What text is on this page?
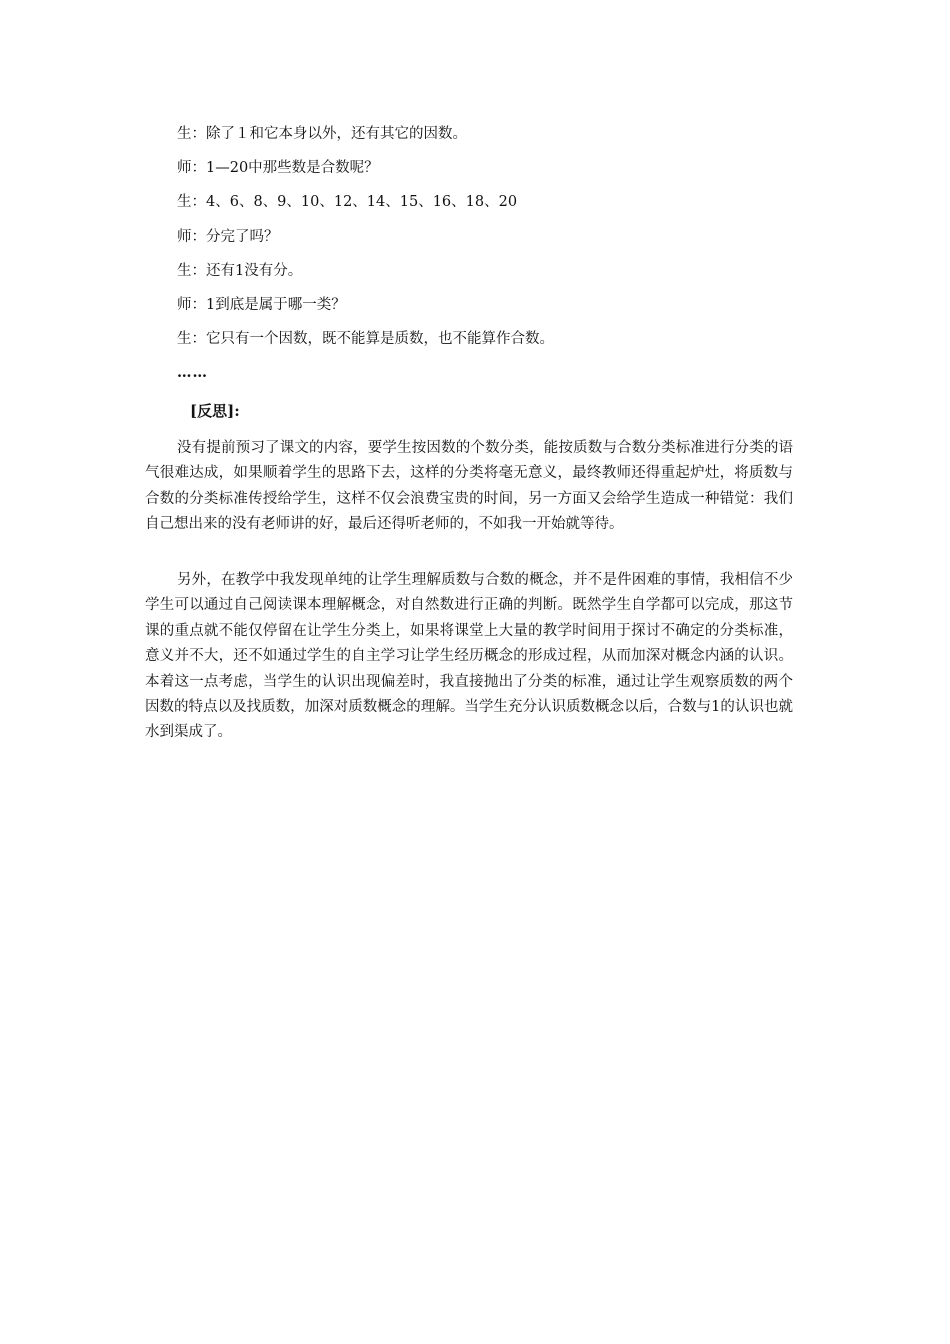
生：除了１和它本身以外，还有其它的因数。
师：1—20中那些数是合数呢？
生：4、6、8、9、10、12、14、15、16、18、20
师：分完了吗？
生：还有1没有分。
师：1到底是属于哪一类？
生：它只有一个因数，既不能算是质数，也不能算作合数。
……
[反思]:

没有提前预习了课文的内容，要学生按因数的个数分类，能按质数与合数分类标准进行分类的语气很难达成，如果顺着学生的思路下去，这样的分类将毫无意义，最终教师还得重起炉灶，将质数与合数的分类标准传授给学生，这样不仅会浪费宝贵的时间，另一方面又会给学生造成一种错觉：我们自己想出来的没有老师讲的好，最后还得听老师的，不如我一开始就等待。

另外，在教学中我发现单纯的让学生理解质数与合数的概念，并不是件困难的事情，我相信不少学生可以通过自己阅读课本理解概念，对自然数进行正确的判断。既然学生自学都可以完成，那这节课的重点就不能仅停留在让学生分类上，如果将课堂上大量的教学时间用于探讨不确定的分类标准，意义并不大，还不如通过学生的自主学习让学生经历概念的形成过程，从而加深对概念内涵的认识。本着这一点考虑，当学生的认识出现偏差时，我直接抛出了分类的标准，通过让学生观察质数的两个因数的特点以及找质数，加深对质数概念的理解。当学生充分认识质数概念以后，合数与1的认识也就水到渠成了。
